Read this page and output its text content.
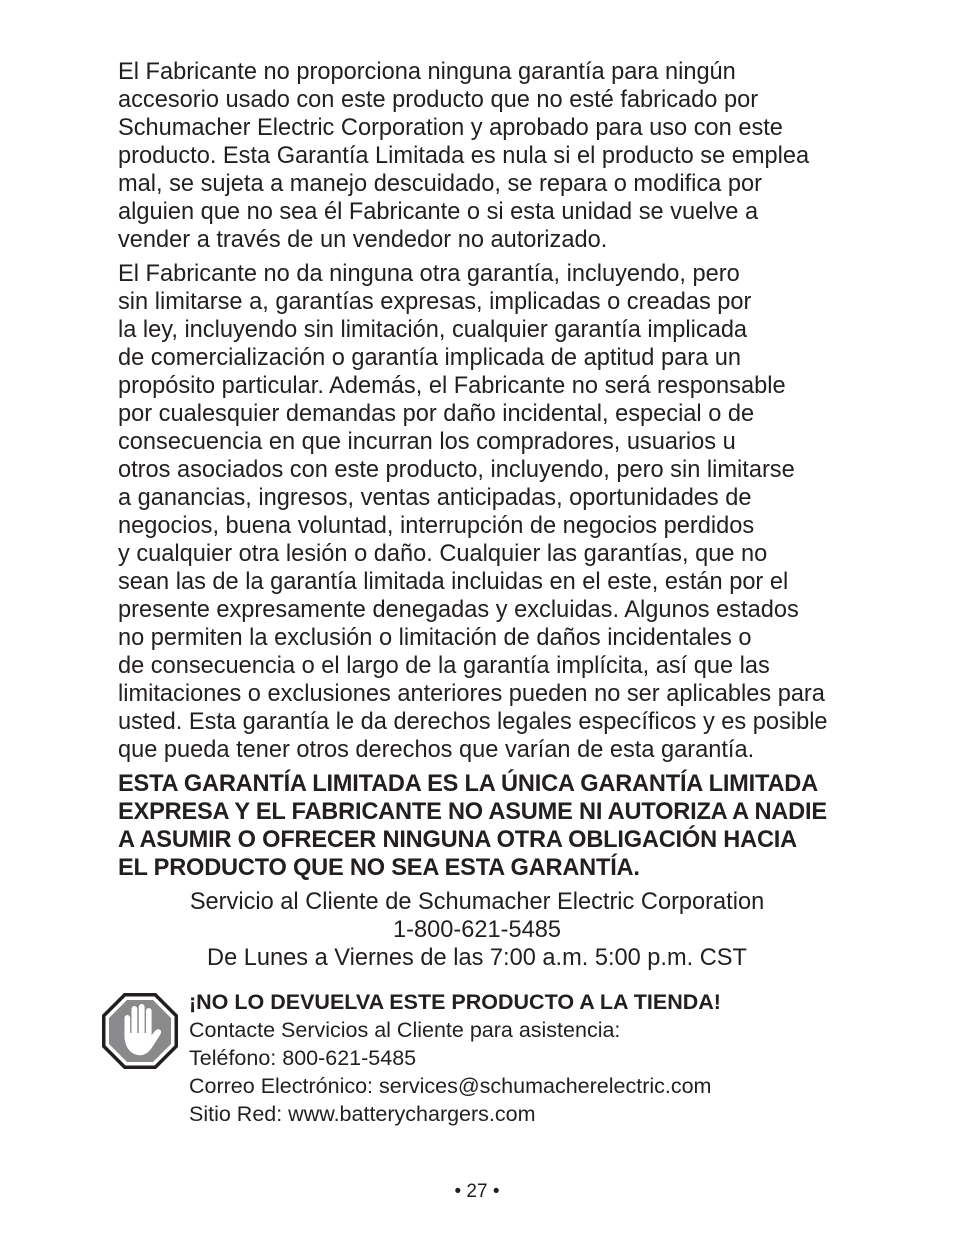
El Fabricante no proporciona ninguna garantía para ningún
accesorio usado con este producto que no esté fabricado por
Schumacher Electric Corporation y aprobado para uso con este
producto. Esta Garantía Limitada es nula si el producto se emplea
mal, se sujeta a manejo descuidado, se repara o modifica por
alguien que no sea él Fabricante o si esta unidad se vuelve a
vender a través de un vendedor no autorizado.

El Fabricante no da ninguna otra garantía, incluyendo, pero
sin limitarse a, garantías expresas, implicadas o creadas por
la ley, incluyendo sin limitación, cualquier garantía implicada
de comercialización o garantía implicada de aptitud para un
propósito particular. Además, el Fabricante no será responsable
por cualesquier demandas por daño incidental, especial o de
consecuencia en que incurran los compradores, usuarios u
otros asociados con este producto, incluyendo, pero sin limitarse
a ganancias, ingresos, ventas anticipadas, oportunidades de
negocios, buena voluntad, interrupción de negocios perdidos
y cualquier otra lesión o daño. Cualquier las garantías, que no
sean las de la garantía limitada incluidas en el este, están por el
presente expresamente denegadas y excluidas. Algunos estados
no permiten la exclusión o limitación de daños incidentales o
de consecuencia o el largo de la garantía implícita, así que las
limitaciones o exclusiones anteriores pueden no ser aplicables para
usted. Esta garantía le da derechos legales específicos y es posible
que pueda tener otros derechos que varían de esta garantía.

ESTA GARANTÍA LIMITADA ES LA ÚNICA GARANTÍA LIMITADA
EXPRESA Y EL FABRICANTE NO ASUME NI AUTORIZA A NADIE
A ASUMIR O OFRECER NINGUNA OTRA OBLIGACIÓN HACIA
EL PRODUCTO QUE NO SEA ESTA GARANTÍA.

Servicio al Cliente de Schumacher Electric Corporation
1-800-621-5485
De Lunes a Viernes de las 7:00 a.m. 5:00 p.m. CST
¡NO LO DEVUELVA ESTE PRODUCTO A LA TIENDA!
Contacte Servicios al Cliente para asistencia:
Teléfono: 800-621-5485
Correo Electrónico: services@schumacherelectric.com
Sitio Red: www.batterychargers.com
• 27 •
